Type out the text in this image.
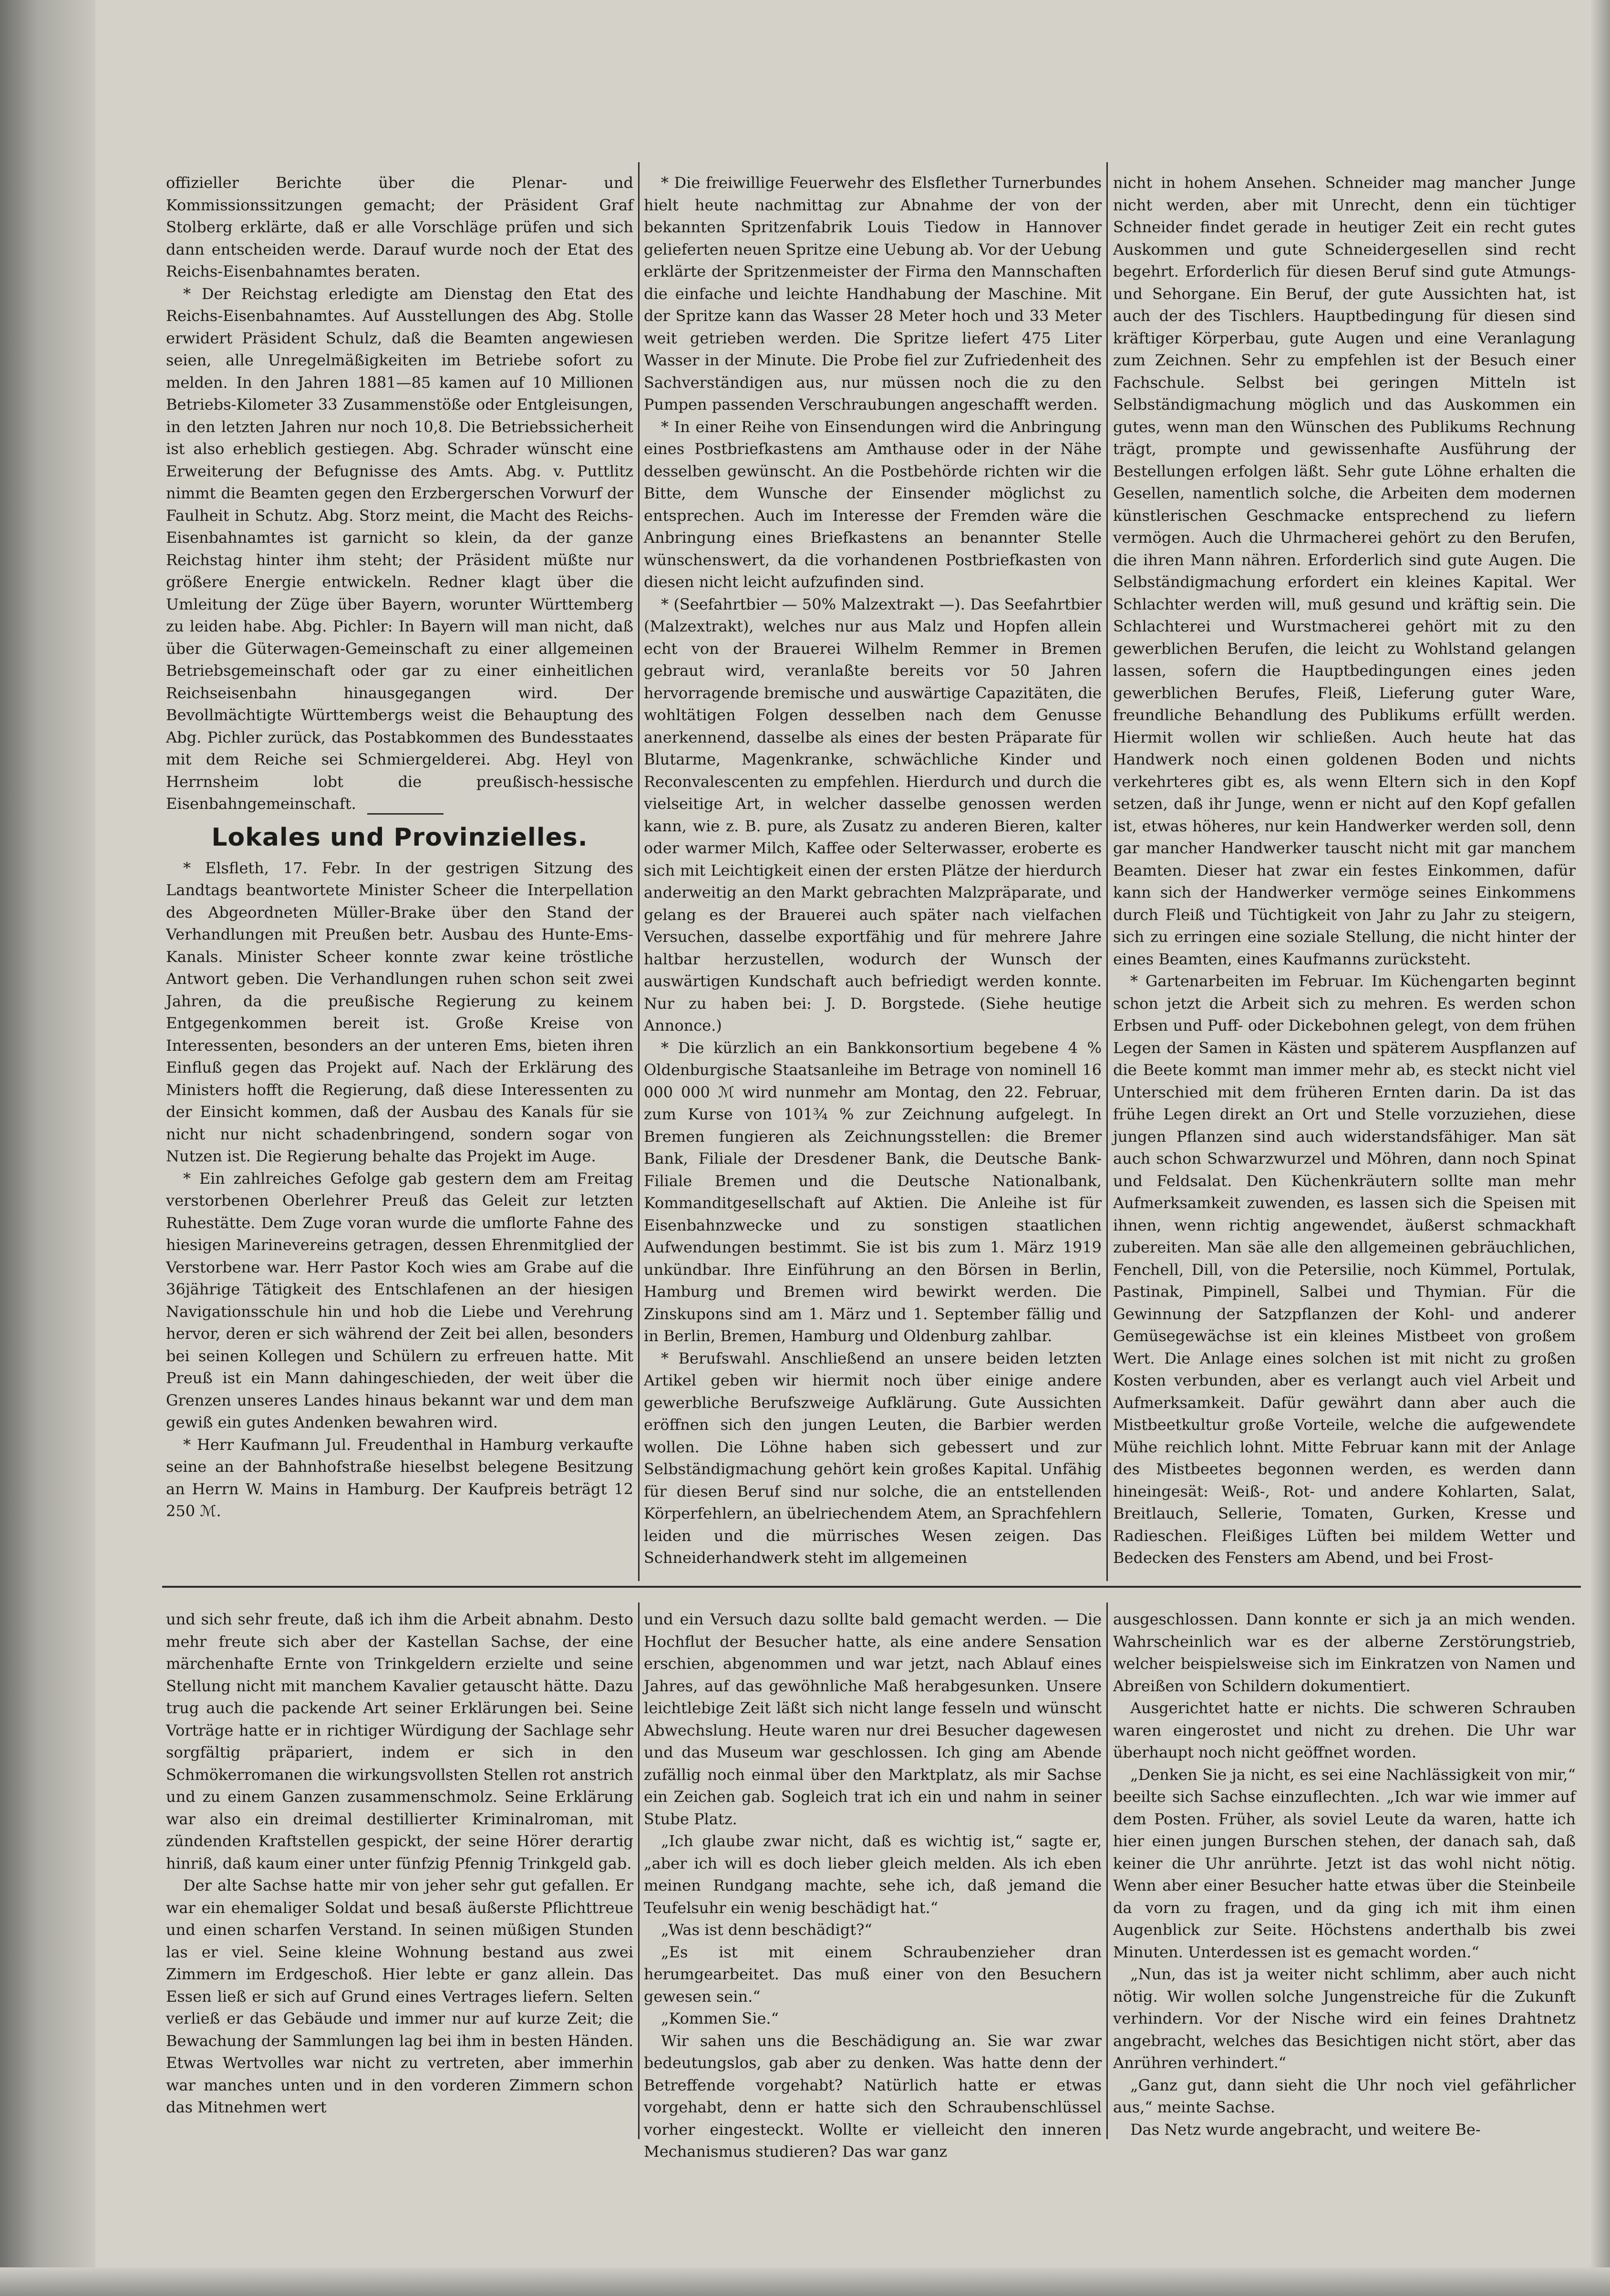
offizieller Berichte über die Plenar- und Kommissionssitzungen gemacht; der Präsident Graf Stolberg erklärte, daß er alle Vorschläge prüfen und sich dann entscheiden werde. Darauf wurde noch der Etat des Reichs-Eisenbahnamtes beraten.

* Der Reichstag erledigte am Dienstag den Etat des Reichs-Eisenbahnamtes. Auf Ausstellungen des Abg. Stolle erwidert Präsident Schulz, daß die Beamten angewiesen seien, alle Unregelmäßigkeiten im Betriebe sofort zu melden. In den Jahren 1881—85 kamen auf 10 Millionen Betriebs-Kilometer 33 Zusammenstöße oder Entgleisungen, in den letzten Jahren nur noch 10,8. Die Betriebssicherheit ist also erheblich gestiegen. Abg. Schrader wünscht eine Erweiterung der Befugnisse des Amts. Abg. v. Puttlitz nimmt die Beamten gegen den Erzbergerschen Vorwurf der Faulheit in Schutz. Abg. Storz meint, die Macht des Reichs-Eisenbahnamtes ist garnicht so klein, da der ganze Reichstag hinter ihm steht; der Präsident müßte nur größere Energie entwickeln. Redner klagt über die Umleitung der Züge über Bayern, worunter Württemberg zu leiden habe. Abg. Pichler: In Bayern will man nicht, daß über die Güterwagen-Gemeinschaft zu einer allgemeinen Betriebsgemeinschaft oder gar zu einer einheitlichen Reichseisenbahn hinausgegangen wird. Der Bevollmächtigte Württembergs weist die Behauptung des Abg. Pichler zurück, das Postabkommen des Bundesstaates mit dem Reiche sei Schmiergelderei. Abg. Heyl von Herrnsheim lobt die preußisch-hessische Eisenbahngemeinschaft.

Lokales und Provinzielles.

* Elsfleth, 17. Febr. In der gestrigen Sitzung des Landtags beantwortete Minister Scheer die Interpellation des Abgeordneten Müller-Brake über den Stand der Verhandlungen mit Preußen betr. Ausbau des Hunte-Ems-Kanals. Minister Scheer konnte zwar keine tröstliche Antwort geben. Die Verhandlungen ruhen schon seit zwei Jahren, da die preußische Regierung zu keinem Entgegenkommen bereit ist. Große Kreise von Interessenten, besonders an der unteren Ems, bieten ihren Einfluß gegen das Projekt auf. Nach der Erklärung des Ministers hofft die Regierung, daß diese Interessenten zu der Einsicht kommen, daß der Ausbau des Kanals für sie nicht nur nicht schadenbringend, sondern sogar von Nutzen ist. Die Regierung behalte das Projekt im Auge.

* Ein zahlreiches Gefolge gab gestern dem am Freitag verstorbenen Oberlehrer Preuß das Geleit zur letzten Ruhestätte. Dem Zuge voran wurde die umflorte Fahne des hiesigen Marinevereins getragen, dessen Ehrenmitglied der Verstorbene war. Herr Pastor Koch wies am Grabe auf die 36jährige Tätigkeit des Entschlafenen an der hiesigen Navigationsschule hin und hob die Liebe und Verehrung hervor, deren er sich während der Zeit bei allen, besonders bei seinen Kollegen und Schülern zu erfreuen hatte. Mit Preuß ist ein Mann dahingeschieden, der weit über die Grenzen unseres Landes hinaus bekannt war und dem man gewiß ein gutes Andenken bewahren wird.

* Herr Kaufmann Jul. Freudenthal in Hamburg verkaufte seine an der Bahnhofstraße hieselbst belegene Besitzung an Herrn W. Mains in Hamburg. Der Kaufpreis beträgt 12 250 ℳ.

* Die freiwillige Feuerwehr des Elsflether Turnerbundes hielt heute nachmittag zur Abnahme der von der bekannten Spritzenfabrik Louis Tiedow in Hannover gelieferten neuen Spritze eine Uebung ab. Vor der Uebung erklärte der Spritzenmeister der Firma den Mannschaften die einfache und leichte Handhabung der Maschine. Mit der Spritze kann das Wasser 28 Meter hoch und 33 Meter weit getrieben werden. Die Spritze liefert 475 Liter Wasser in der Minute. Die Probe fiel zur Zufriedenheit des Sachverständigen aus, nur müssen noch die zu den Pumpen passenden Verschraubungen angeschafft werden.

* In einer Reihe von Einsendungen wird die Anbringung eines Postbriefkastens am Amthause oder in der Nähe desselben gewünscht. An die Postbehörde richten wir die Bitte, dem Wunsche der Einsender möglichst zu entsprechen. Auch im Interesse der Fremden wäre die Anbringung eines Briefkastens an benannter Stelle wünschenswert, da die vorhandenen Postbriefkasten von diesen nicht leicht aufzufinden sind.

* (Seefahrtbier — 50% Malzextrakt —). Das Seefahrtbier (Malzextrakt), welches nur aus Malz und Hopfen allein echt von der Brauerei Wilhelm Remmer in Bremen gebraut wird, veranlaßte bereits vor 50 Jahren hervorragende bremische und auswärtige Capazitäten, die wohltätigen Folgen desselben nach dem Genusse anerkennend, dasselbe als eines der besten Präparate für Blutarme, Magenkranke, schwächliche Kinder und Reconvalescenten zu empfehlen. Hierdurch und durch die vielseitige Art, in welcher dasselbe genossen werden kann, wie z. B. pure, als Zusatz zu anderen Bieren, kalter oder warmer Milch, Kaffee oder Selterwasser, eroberte es sich mit Leichtigkeit einen der ersten Plätze der hierdurch anderweitig an den Markt gebrachten Malzpräparate, und gelang es der Brauerei auch später nach vielfachen Versuchen, dasselbe exportfähig und für mehrere Jahre haltbar herzustellen, wodurch der Wunsch der auswärtigen Kundschaft auch befriedigt werden konnte. Nur zu haben bei: J. D. Borgstede. (Siehe heutige Annonce.)

* Die kürzlich an ein Bankkonsortium begebene 4 % Oldenburgische Staatsanleihe im Betrage von nominell 16 000 000 ℳ wird nunmehr am Montag, den 22. Februar, zum Kurse von 101¾ % zur Zeichnung aufgelegt. In Bremen fungieren als Zeichnungsstellen: die Bremer Bank, Filiale der Dresdener Bank, die Deutsche Bank-Filiale Bremen und die Deutsche Nationalbank, Kommanditgesellschaft auf Aktien. Die Anleihe ist für Eisenbahnzwecke und zu sonstigen staatlichen Aufwendungen bestimmt. Sie ist bis zum 1. März 1919 unkündbar. Ihre Einführung an den Börsen in Berlin, Hamburg und Bremen wird bewirkt werden. Die Zinskupons sind am 1. März und 1. September fällig und in Berlin, Bremen, Hamburg und Oldenburg zahlbar.

* Berufswahl. Anschließend an unsere beiden letzten Artikel geben wir hiermit noch über einige andere gewerbliche Berufszweige Aufklärung. Gute Aussichten eröffnen sich den jungen Leuten, die Barbier werden wollen. Die Löhne haben sich gebessert und zur Selbständigmachung gehört kein großes Kapital. Unfähig für diesen Beruf sind nur solche, die an entstellenden Körperfehlern, an übelriechendem Atem, an Sprachfehlern leiden und die mürrisches Wesen zeigen. Das Schneiderhandwerk steht im allgemeinen

nicht in hohem Ansehen. Schneider mag mancher Junge nicht werden, aber mit Unrecht, denn ein tüchtiger Schneider findet gerade in heutiger Zeit ein recht gutes Auskommen und gute Schneidergesellen sind recht begehrt. Erforderlich für diesen Beruf sind gute Atmungs- und Sehorgane. Ein Beruf, der gute Aussichten hat, ist auch der des Tischlers. Hauptbedingung für diesen sind kräftiger Körperbau, gute Augen und eine Veranlagung zum Zeichnen. Sehr zu empfehlen ist der Besuch einer Fachschule. Selbst bei geringen Mitteln ist Selbständigmachung möglich und das Auskommen ein gutes, wenn man den Wünschen des Publikums Rechnung trägt, prompte und gewissenhafte Ausführung der Bestellungen erfolgen läßt. Sehr gute Löhne erhalten die Gesellen, namentlich solche, die Arbeiten dem modernen künstlerischen Geschmacke entsprechend zu liefern vermögen. Auch die Uhrmacherei gehört zu den Berufen, die ihren Mann nähren. Erforderlich sind gute Augen. Die Selbständigmachung erfordert ein kleines Kapital. Wer Schlachter werden will, muß gesund und kräftig sein. Die Schlachterei und Wurstmacherei gehört mit zu den gewerblichen Berufen, die leicht zu Wohlstand gelangen lassen, sofern die Hauptbedingungen eines jeden gewerblichen Berufes, Fleiß, Lieferung guter Ware, freundliche Behandlung des Publikums erfüllt werden. Hiermit wollen wir schließen. Auch heute hat das Handwerk noch einen goldenen Boden und nichts verkehrteres gibt es, als wenn Eltern sich in den Kopf setzen, daß ihr Junge, wenn er nicht auf den Kopf gefallen ist, etwas höheres, nur kein Handwerker werden soll, denn gar mancher Handwerker tauscht nicht mit gar manchem Beamten. Dieser hat zwar ein festes Einkommen, dafür kann sich der Handwerker vermöge seines Einkommens durch Fleiß und Tüchtigkeit von Jahr zu Jahr zu steigern, sich zu erringen eine soziale Stellung, die nicht hinter der eines Beamten, eines Kaufmanns zurücksteht.

* Gartenarbeiten im Februar. Im Küchengarten beginnt schon jetzt die Arbeit sich zu mehren. Es werden schon Erbsen und Puff- oder Dickebohnen gelegt, von dem frühen Legen der Samen in Kästen und späterem Auspflanzen auf die Beete kommt man immer mehr ab, es steckt nicht viel Unterschied mit dem früheren Ernten darin. Da ist das frühe Legen direkt an Ort und Stelle vorzuziehen, diese jungen Pflanzen sind auch widerstandsfähiger. Man sät auch schon Schwarzwurzel und Möhren, dann noch Spinat und Feldsalat. Den Küchenkräutern sollte man mehr Aufmerksamkeit zuwenden, es lassen sich die Speisen mit ihnen, wenn richtig angewendet, äußerst schmackhaft zubereiten. Man säe alle den allgemeinen gebräuchlichen, Fenchell, Dill, von die Petersilie, noch Kümmel, Portulak, Pastinak, Pimpinell, Salbei und Thymian. Für die Gewinnung der Satzpflanzen der Kohl- und anderer Gemüsegewächse ist ein kleines Mistbeet von großem Wert. Die Anlage eines solchen ist mit nicht zu großen Kosten verbunden, aber es verlangt auch viel Arbeit und Aufmerksamkeit. Dafür gewährt dann aber auch die Mistbeetkultur große Vorteile, welche die aufgewendete Mühe reichlich lohnt. Mitte Februar kann mit der Anlage des Mistbeetes begonnen werden, es werden dann hineingesät: Weiß-, Rot- und andere Kohlarten, Salat, Breitlauch, Sellerie, Tomaten, Gurken, Kresse und Radieschen. Fleißiges Lüften bei mildem Wetter und Bedecken des Fensters am Abend, und bei Frost-

und sich sehr freute, daß ich ihm die Arbeit abnahm. Desto mehr freute sich aber der Kastellan Sachse, der eine märchenhafte Ernte von Trinkgeldern erzielte und seine Stellung nicht mit manchem Kavalier getauscht hätte. Dazu trug auch die packende Art seiner Erklärungen bei. Seine Vorträge hatte er in richtiger Würdigung der Sachlage sehr sorgfältig präpariert, indem er sich in den Schmökerromanen die wirkungsvollsten Stellen rot anstrich und zu einem Ganzen zusammenschmolz. Seine Erklärung war also ein dreimal destillierter Kriminalroman, mit zündenden Kraftstellen gespickt, der seine Hörer derartig hinriß, daß kaum einer unter fünfzig Pfennig Trinkgeld gab.

Der alte Sachse hatte mir von jeher sehr gut gefallen. Er war ein ehemaliger Soldat und besaß äußerste Pflichttreue und einen scharfen Verstand. In seinen müßigen Stunden las er viel. Seine kleine Wohnung bestand aus zwei Zimmern im Erdgeschoß. Hier lebte er ganz allein. Das Essen ließ er sich auf Grund eines Vertrages liefern. Selten verließ er das Gebäude und immer nur auf kurze Zeit; die Bewachung der Sammlungen lag bei ihm in besten Händen. Etwas Wertvolles war nicht zu vertreten, aber immerhin war manches unten und in den vorderen Zimmern schon das Mitnehmen wert

und ein Versuch dazu sollte bald gemacht werden. — Die Hochflut der Besucher hatte, als eine andere Sensation erschien, abgenommen und war jetzt, nach Ablauf eines Jahres, auf das gewöhnliche Maß herabgesunken. Unsere leichtlebige Zeit läßt sich nicht lange fesseln und wünscht Abwechslung. Heute waren nur drei Besucher dagewesen und das Museum war geschlossen. Ich ging am Abende zufällig noch einmal über den Marktplatz, als mir Sachse ein Zeichen gab. Sogleich trat ich ein und nahm in seiner Stube Platz.

„Ich glaube zwar nicht, daß es wichtig ist,“ sagte er, „aber ich will es doch lieber gleich melden. Als ich eben meinen Rundgang machte, sehe ich, daß jemand die Teufelsuhr ein wenig beschädigt hat.“

„Was ist denn beschädigt?“

„Es ist mit einem Schraubenzieher dran herumgearbeitet. Das muß einer von den Besuchern gewesen sein.“

„Kommen Sie.“

Wir sahen uns die Beschädigung an. Sie war zwar bedeutungslos, gab aber zu denken. Was hatte denn der Betreffende vorgehabt? Natürlich hatte er etwas vorgehabt, denn er hatte sich den Schraubenschlüssel vorher eingesteckt. Wollte er vielleicht den inneren Mechanismus studieren? Das war ganz

ausgeschlossen. Dann konnte er sich ja an mich wenden. Wahrscheinlich war es der alberne Zerstörungstrieb, welcher beispielsweise sich im Einkratzen von Namen und Abreißen von Schildern dokumentiert.

Ausgerichtet hatte er nichts. Die schweren Schrauben waren eingerostet und nicht zu drehen. Die Uhr war überhaupt noch nicht geöffnet worden.

„Denken Sie ja nicht, es sei eine Nachlässigkeit von mir,“ beeilte sich Sachse einzuflechten. „Ich war wie immer auf dem Posten. Früher, als soviel Leute da waren, hatte ich hier einen jungen Burschen stehen, der danach sah, daß keiner die Uhr anrührte. Jetzt ist das wohl nicht nötig. Wenn aber einer Besucher hatte etwas über die Steinbeile da vorn zu fragen, und da ging ich mit ihm einen Augenblick zur Seite. Höchstens anderthalb bis zwei Minuten. Unterdessen ist es gemacht worden.“

„Nun, das ist ja weiter nicht schlimm, aber auch nicht nötig. Wir wollen solche Jungenstreiche für die Zukunft verhindern. Vor der Nische wird ein feines Drahtnetz angebracht, welches das Besichtigen nicht stört, aber das Anrühren verhindert.“

„Ganz gut, dann sieht die Uhr noch viel gefährlicher aus,“ meinte Sachse.

Das Netz wurde angebracht, und weitere Be-
